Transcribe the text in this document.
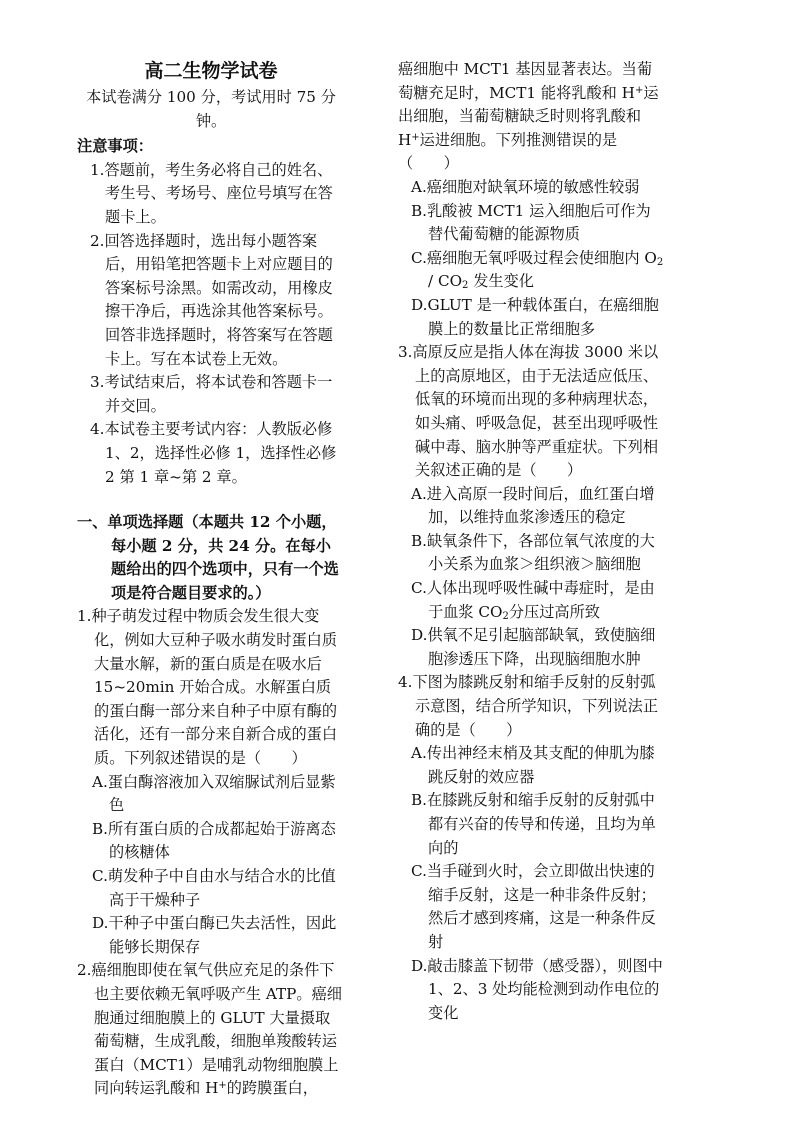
高二生物学试卷
本试卷满分 100 分，考试用时 75 分钟。
注意事项：
1.答题前，考生务必将自己的姓名、考生号、考场号、座位号填写在答题卡上。
2.回答选择题时，选出每小题答案后，用铅笔把答题卡上对应题目的答案标号涂黑。如需改动，用橡皮擦干净后，再选涂其他答案标号。回答非选择题时，将答案写在答题卡上。写在本试卷上无效。
3.考试结束后，将本试卷和答题卡一并交回。
4.本试卷主要考试内容：人教版必修 1、2，选择性必修 1，选择性必修 2 第 1 章~第 2 章。
一、单项选择题（本题共 12 个小题，每小题 2 分，共 24 分。在每小题给出的四个选项中，只有一个选项是符合题目要求的。）
1.种子萌发过程中物质会发生很大变化，例如大豆种子吸水萌发时蛋白质大量水解，新的蛋白质是在吸水后 15~20min 开始合成。水解蛋白质的蛋白酶一部分来自种子中原有酶的活化，还有一部分来自新合成的蛋白质。下列叙述错误的是（　　）
A.蛋白酶溶液加入双缩脲试剂后显紫色
B.所有蛋白质的合成都起始于游离态的核糖体
C.萌发种子中自由水与结合水的比值高于干燥种子
D.干种子中蛋白酶已失去活性，因此能够长期保存
2.癌细胞即使在氧气供应充足的条件下也主要依赖无氧呼吸产生 ATP。癌细胞通过细胞膜上的 GLUT 大量摄取葡萄糖，生成乳酸，细胞单羧酸转运蛋白（MCT1）是哺乳动物细胞膜上同向转运乳酸和 H+的跨膜蛋白，
癌细胞中 MCT1 基因显著表达。当葡萄糖充足时，MCT1 能将乳酸和 H+运出细胞，当葡萄糖缺乏时则将乳酸和 H+运进细胞。下列推测错误的是（　　）
A.癌细胞对缺氧环境的敏感性较弱
B.乳酸被 MCT1 运入细胞后可作为替代葡萄糖的能源物质
C.癌细胞无氧呼吸过程会使细胞内 $O_2 / CO_2$ 发生变化
D.GLUT 是一种载体蛋白，在癌细胞膜上的数量比正常细胞多
3.高原反应是指人体在海拔 3000 米以上的高原地区，由于无法适应低压、低氧的环境而出现的多种病理状态，如头痛、呼吸急促，甚至出现呼吸性碱中毒、脑水肿等严重症状。下列相关叙述正确的是（　　）
A.进入高原一段时间后，血红蛋白增加，以维持血浆渗透压的稳定
B.缺氧条件下，各部位氧气浓度的大小关系为血浆＞组织液＞脑细胞
C.人体出现呼吸性碱中毒症时，是由于血浆 $CO_2$分压过高所致
D.供氧不足引起脑部缺氧，致使脑细胞渗透压下降，出现脑细胞水肿
4.下图为膝跳反射和缩手反射的反射弧示意图，结合所学知识，下列说法正确的是（　　）
A.传出神经末梢及其支配的伸肌为膝跳反射的效应器
B.在膝跳反射和缩手反射的反射弧中都有兴奋的传导和传递，且均为单向的
C.当手碰到火时，会立即做出快速的缩手反射，这是一种非条件反射；然后才感到疼痛，这是一种条件反射
D.敲击膝盖下韧带（感受器），则图中 1、2、3 处均能检测到动作电位的变化
